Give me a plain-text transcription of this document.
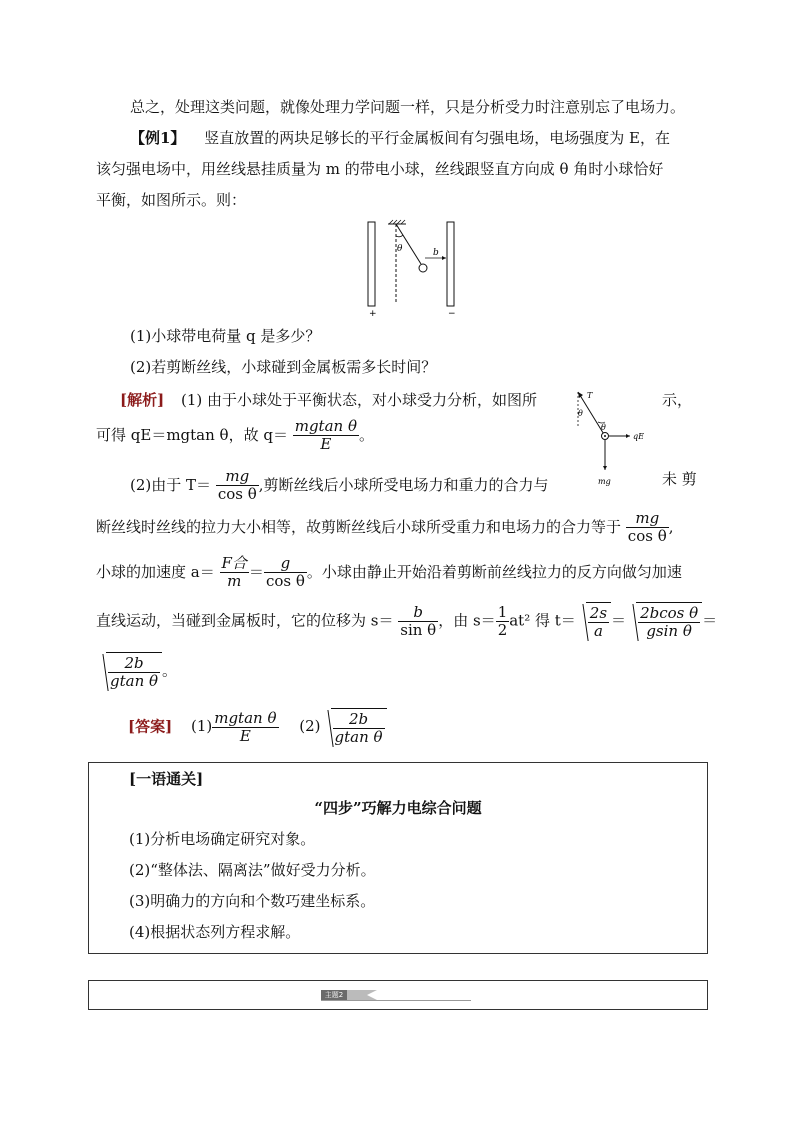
总之，处理这类问题，就像处理力学问题一样，只是分析受力时注意别忘了电场力。
【例1】 竖直放置的两块足够长的平行金属板间有匀强电场，电场强度为 E，在
该匀强电场中，用丝线悬挂质量为 m 的带电小球，丝线跟竖直方向成 θ 角时小球恰好
平衡，如图所示。则：
θ	b
+	−
(1)小球带电荷量 q 是多少？
(2)若剪断丝线，小球碰到金属板需多长时间？
[解析] (1) 由于小球处于平衡状态，对小球受力分析，如图所	示，
T
θ
θ
qE
mg
可得 qE＝mgtan θ，故 $q= \frac{\text{mgtan θ}}{E}$ 。
(2)由于 $T= \frac{mg}{\text{cos θ}}$ ,剪断丝线后小球所受电场力和重力的合力与	未 剪
断丝线时丝线的拉力大小相等，故剪断丝线后小球所受重力和电场力的合力等于 $\frac{mg}{\text{cos θ}}$ ,
小球的加速度 $a= \frac{\text{F合}}{m} = \frac{g}{\text{cos θ}}$ 。小球由静止开始沿着剪断前丝线拉力的反方向做匀加速
直线运动，当碰到金属板时，它的位移为 $s= \frac{b}{\text{sin θ}}$ ，由 $s= \frac{1}{2} at^2$ 得 $t= \frac{2s}{a} = \frac{\text{2bcos θ}}{\text{gsin θ}}$ ＝
$\frac{2b}{\text{gtan θ}}$ 。
[答案] $(1) \frac{\text{mgtan θ}}{E} (2) \frac{2b}{\text{gtan θ}}$
[一语通关]
“四步”巧解力电综合问题
(1)分析电场确定研究对象。
(2)“整体法、隔离法”做好受力分析。
(3)明确力的方向和个数巧建坐标系。
(4)根据状态列方程求解。
主题2
